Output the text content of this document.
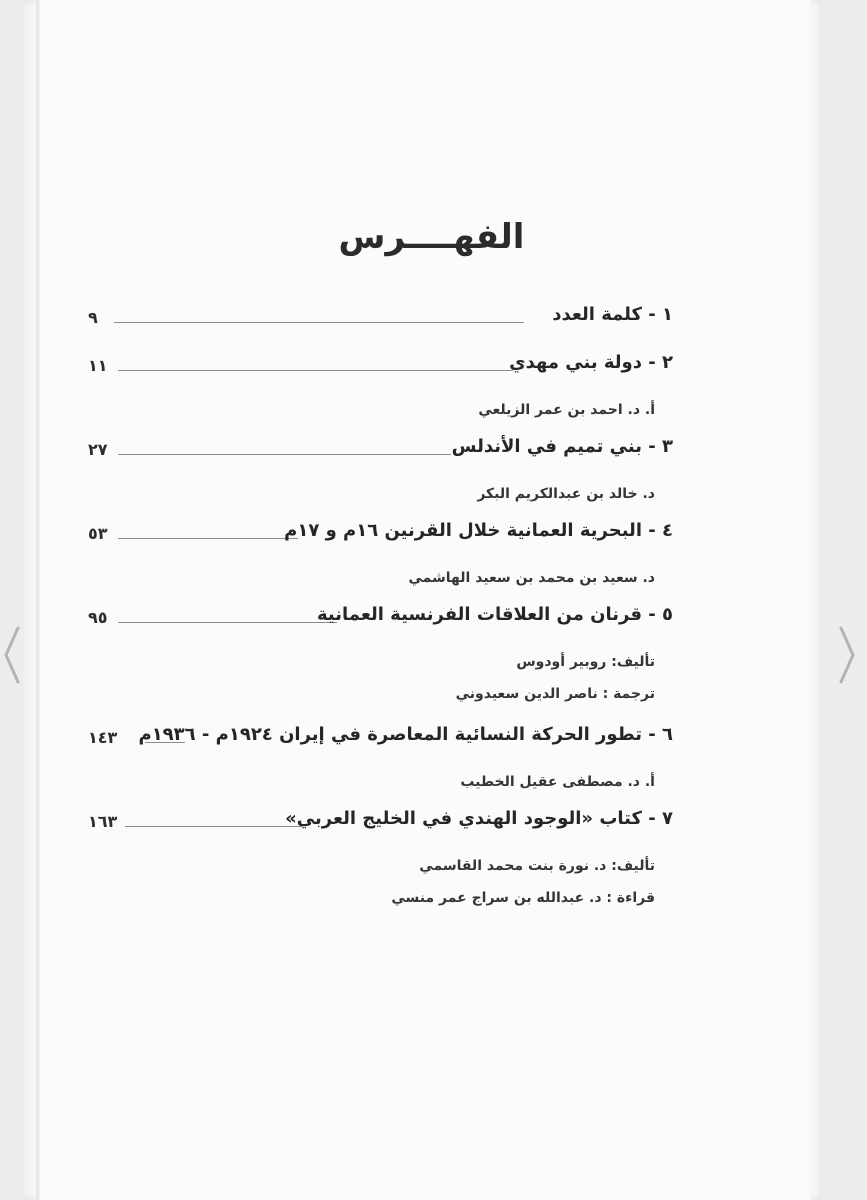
الفهــــرس
٩	١ - كلمة العدد
١١	٢ - دولة بني مهدي
أ. د. احمد بن عمر الزيلعي
٢٧	٣ - بني تميم في الأندلس
د. خالد بن عبدالكريم البكر
٥٣	٤ - البحرية العمانية خلال القرنين ١٦م و ١٧م
د. سعيد بن محمد بن سعيد الهاشمي
٩٥	٥ - قرنان من العلاقات الفرنسية العمانية
تأليف: روبير أودوس
ترجمة : ناصر الدين سعيدوني
١٤٣	٦ - تطور الحركة النسائية المعاصرة في إيران ١٩٢٤م - ١٩٣٦م
أ. د. مصطفى عقيل الخطيب
١٦٣	٧ - كتاب «الوجود الهندي في الخليج العربي»
تأليف: د. نورة بنت محمد القاسمي
قراءة : د. عبدالله بن سراج عمر منسي
